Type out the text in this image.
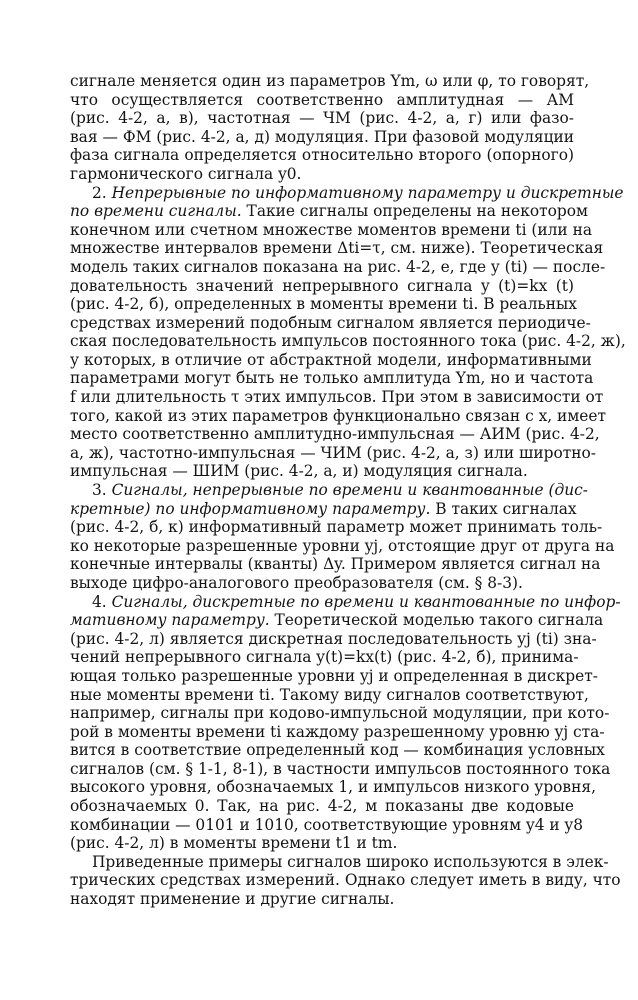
сигнале меняется один из параметров Ym, ω или φ, то говорят,
что осуществляется соответственно амплитудная — АМ
(рис. 4-2, а, в), частотная — ЧМ (рис. 4-2, а, г) или фазо-
вая — ФМ (рис. 4-2, а, д) модуляция. При фазовой модуляции
фаза сигнала определяется относительно второго (опорного)
гармонического сигнала y0.
2. Непрерывные по информативному параметру и дискретные
по времени сигналы. Такие сигналы определены на некотором
конечном или счетном множестве моментов времени ti (или на
множестве интервалов времени Δti=τ, см. ниже). Теоретическая
модель таких сигналов показана на рис. 4-2, е, где y (ti) — после-
довательность значений непрерывного сигнала y (t)=kx (t)
(рис. 4-2, б), определенных в моменты времени ti. В реальных
средствах измерений подобным сигналом является периодиче-
ская последовательность импульсов постоянного тока (рис. 4-2, ж),
у которых, в отличие от абстрактной модели, информативными
параметрами могут быть не только амплитуда Ym, но и частота
f или длительность τ этих импульсов. При этом в зависимости от
того, какой из этих параметров функционально связан с x, имеет
место соответственно амплитудно-импульсная — АИМ (рис. 4-2,
а, ж), частотно-импульсная — ЧИМ (рис. 4-2, а, з) или широтно-
импульсная — ШИМ (рис. 4-2, а, и) модуляция сигнала.
3. Сигналы, непрерывные по времени и квантованные (дис-
кретные) по информативному параметру. В таких сигналах
(рис. 4-2, б, к) информативный параметр может принимать толь-
ко некоторые разрешенные уровни yj, отстоящие друг от друга на
конечные интервалы (кванты) Δy. Примером является сигнал на
выходе цифро-аналогового преобразователя (см. § 8-3).
4. Сигналы, дискретные по времени и квантованные по инфор-
мативному параметру. Теоретической моделью такого сигнала
(рис. 4-2, л) является дискретная последовательность yj (ti) зна-
чений непрерывного сигнала y(t)=kx(t) (рис. 4-2, б), принима-
ющая только разрешенные уровни yj и определенная в дискрет-
ные моменты времени ti. Такому виду сигналов соответствуют,
например, сигналы при кодово-импульсной модуляции, при кото-
рой в моменты времени ti каждому разрешенному уровню yj ста-
вится в соответствие определенный код — комбинация условных
сигналов (см. § 1-1, 8-1), в частности импульсов постоянного тока
высокого уровня, обозначаемых 1, и импульсов низкого уровня,
обозначаемых 0. Так, на рис. 4-2, м показаны две кодовые
комбинации — 0101 и 1010, соответствующие уровням y4 и y8
(рис. 4-2, л) в моменты времени t1 и tm.
Приведенные примеры сигналов широко используются в элек-
трических средствах измерений. Однако следует иметь в виду, что
находят применение и другие сигналы.
